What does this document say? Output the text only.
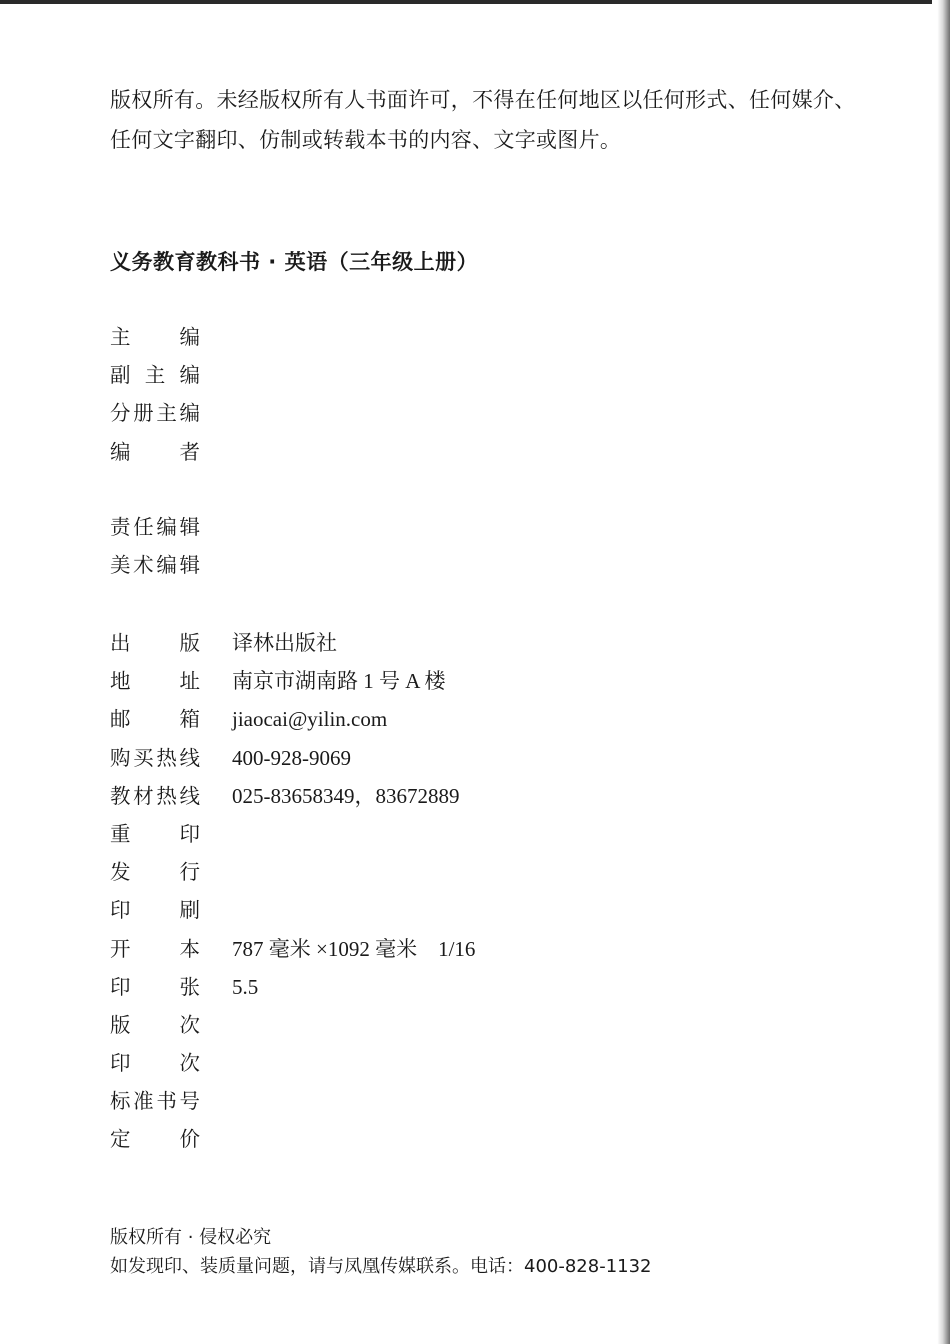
版权所有。未经版权所有人书面许可，不得在任何地区以任何形式、任何媒介、

任何文字翻印、仿制或转载本书的内容、文字或图片。

义务教育教科书 · 英语（三年级上册）
主编
副主编
分册主编
编者
责任编辑
美术编辑
出版 译林出版社
地址 南京市湖南路 1 号 A 楼
邮箱 jiaocai@yilin.com
购买热线 400-928-9069
教材热线 025-83658349，83672889
重印
发行
印刷
开本 787 毫米 ×1092 毫米　1/16
印张 5.5
版次
印次
标准书号
定价

版权所有 · 侵权必究

如发现印、装质量问题，请与凤凰传媒联系。电话：400-828-1132
